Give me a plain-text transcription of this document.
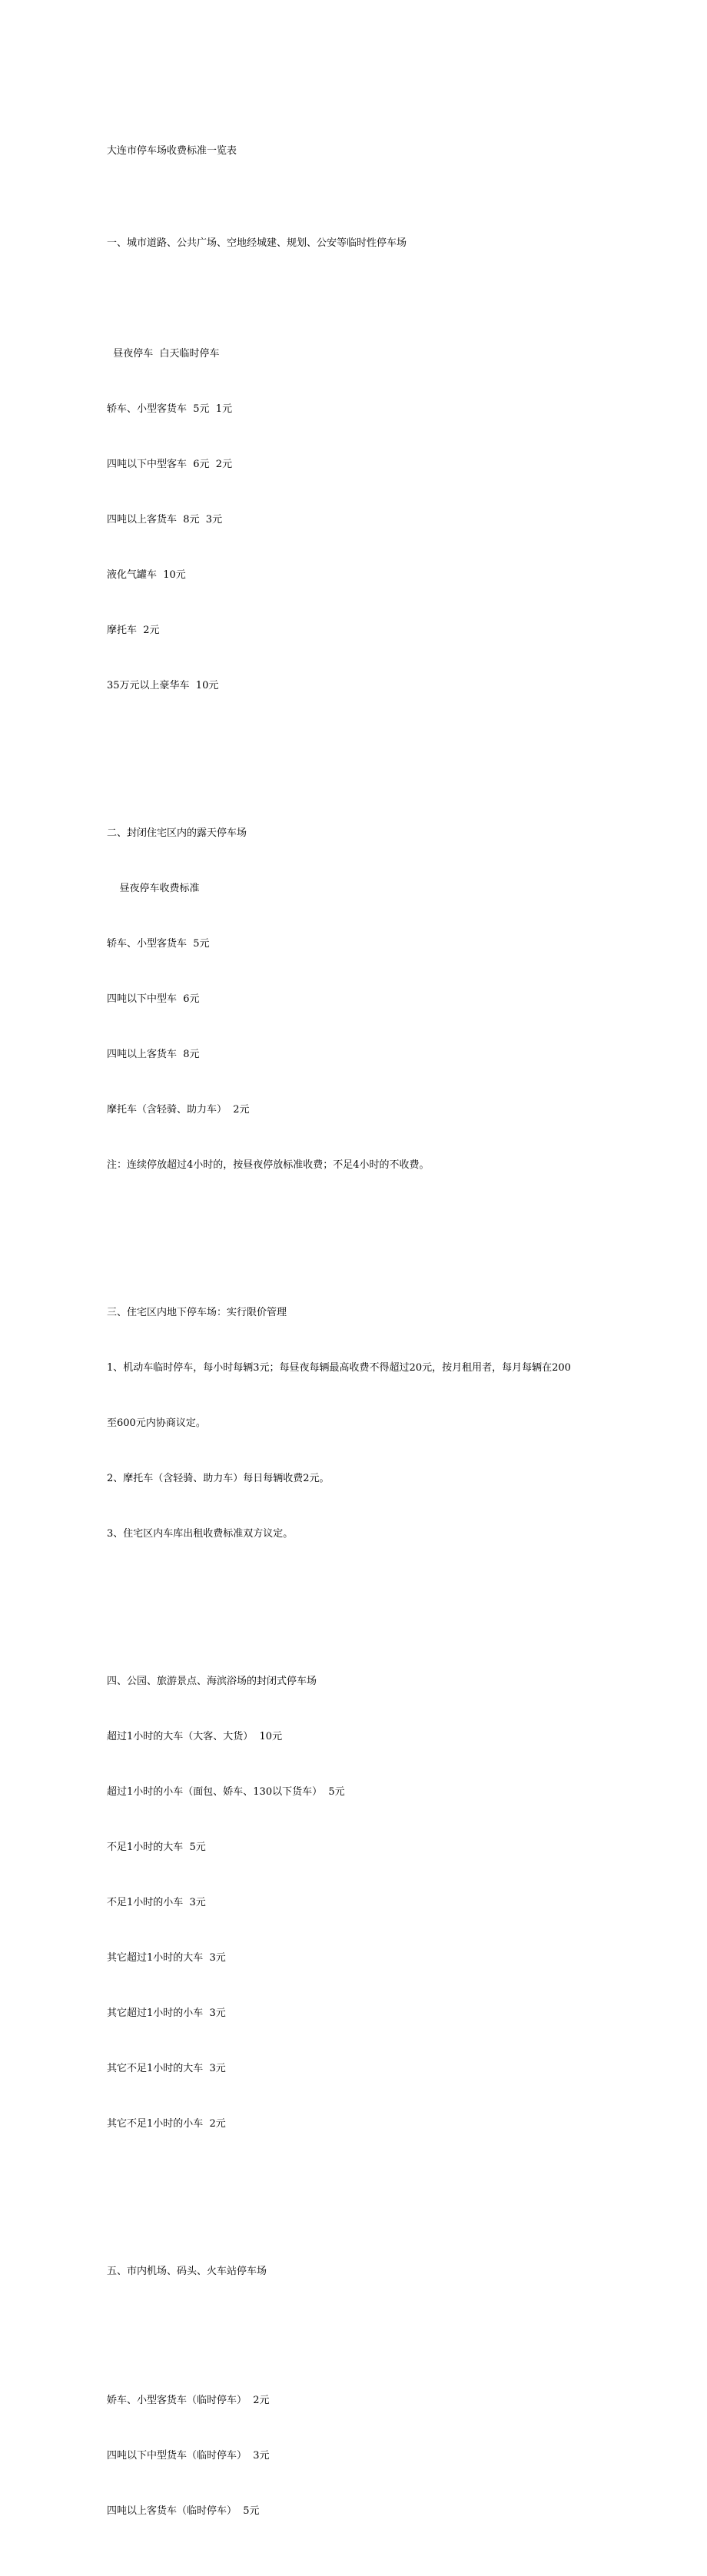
大连市停车场收费标准一览表

一、城市道路、公共广场、空地经城建、规划、公安等临时性停车场

昼夜停车  白天临时停车

轿车、小型客货车  5元  1元

四吨以下中型客车  6元  2元

四吨以上客货车  8元  3元

液化气罐车  10元

摩托车  2元

35万元以上豪华车  10元

二、封闭住宅区内的露天停车场

昼夜停车收费标准

轿车、小型客货车  5元

四吨以下中型车  6元

四吨以上客货车  8元

摩托车（含轻骑、助力车）  2元

注：连续停放超过4小时的，按昼夜停放标准收费；不足4小时的不收费。

三、住宅区内地下停车场：实行限价管理

1、机动车临时停车，每小时每辆3元；每昼夜每辆最高收费不得超过20元，按月租用者，每月每辆在200

至600元内协商议定。

2、摩托车（含轻骑、助力车）每日每辆收费2元。

3、住宅区内车库出租收费标准双方议定。

四、公园、旅游景点、海滨浴场的封闭式停车场

超过1小时的大车（大客、大货）  10元

超过1小时的小车（面包、娇车、130以下货车）  5元

不足1小时的大车  5元

不足1小时的小车  3元

其它超过1小时的大车  3元

其它超过1小时的小车  3元

其它不足1小时的大车  3元

其它不足1小时的小车  2元

五、市内机场、码头、火车站停车场

娇车、小型客货车（临时停车）  2元

四吨以下中型货车（临时停车）  3元

四吨以上客货车（临时停车）  5元
